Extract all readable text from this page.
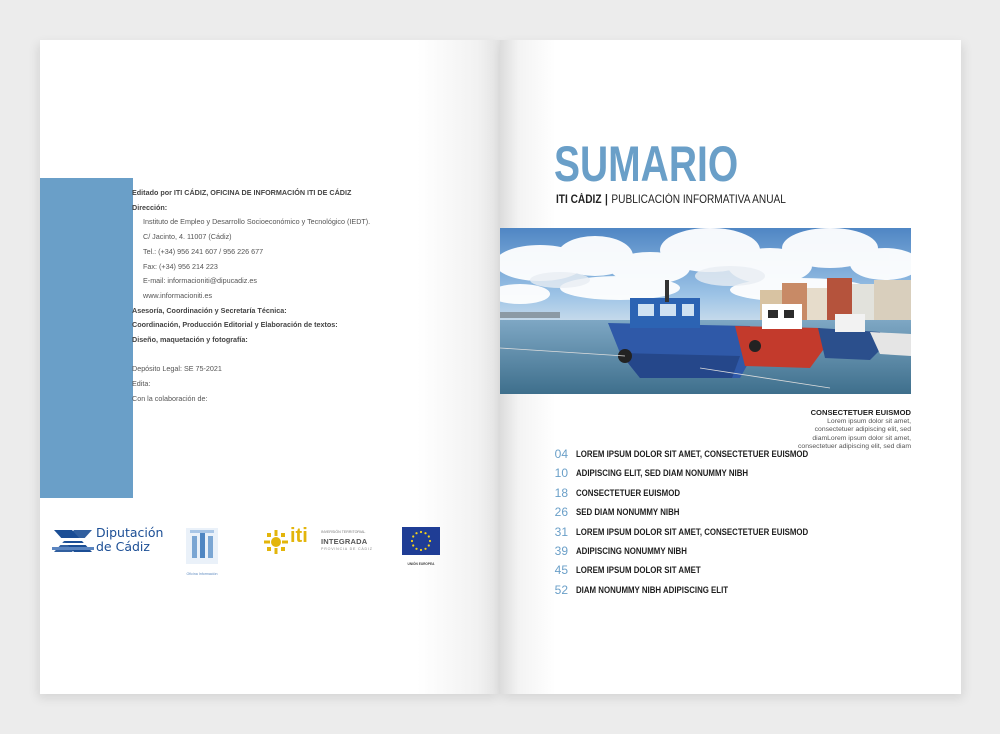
Editado por ITI CÁDIZ, OFICINA DE INFORMACIÓN ITI DE CÁDIZ
Dirección:
Instituto de Empleo y Desarrollo Socioeconómico y Tecnológico (IEDT).
C/ Jacinto, 4. 11007 (Cádiz)
Tel.: (+34) 956 241 607 / 956 226 677
Fax: (+34) 956 214 223
E-mail: informacioniti@dipucadiz.es
www.informacioniti.es
Asesoría, Coordinación y Secretaría Técnica:
Coordinación, Producción Editorial y Elaboración de textos:
Diseño, maquetación y fotografía:
Depósito Legal: SE 75-2021
Edita:
Con la colaboración de:
Diputación
de Cádiz
Oficina Información
iti	INVERSIÓN TERRITORIAL
INTEGRADA
PROVINCIA DE CÁDIZ
UNIÓN EUROPEA
SUMARIO
ITI CÁDIZ | PUBLICACIÓN INFORMATIVA ANUAL
CONSECTETUER EUISMOD
Lorem ipsum dolor sit amet,
consectetuer adipiscing elit, sed
diamLorem ipsum dolor sit amet,
consectetuer adipiscing elit, sed diam
04 LOREM IPSUM DOLOR SIT AMET, CONSECTETUER EUISMOD
10 ADIPISCING ELIT, SED DIAM NONUMMY NIBH
18 CONSECTETUER EUISMOD
26 SED DIAM NONUMMY NIBH
31 LOREM IPSUM DOLOR SIT AMET, CONSECTETUER EUISMOD
39 ADIPISCING NONUMMY NIBH
45 LOREM IPSUM DOLOR SIT AMET
52 DIAM NONUMMY NIBH ADIPISCING ELIT
